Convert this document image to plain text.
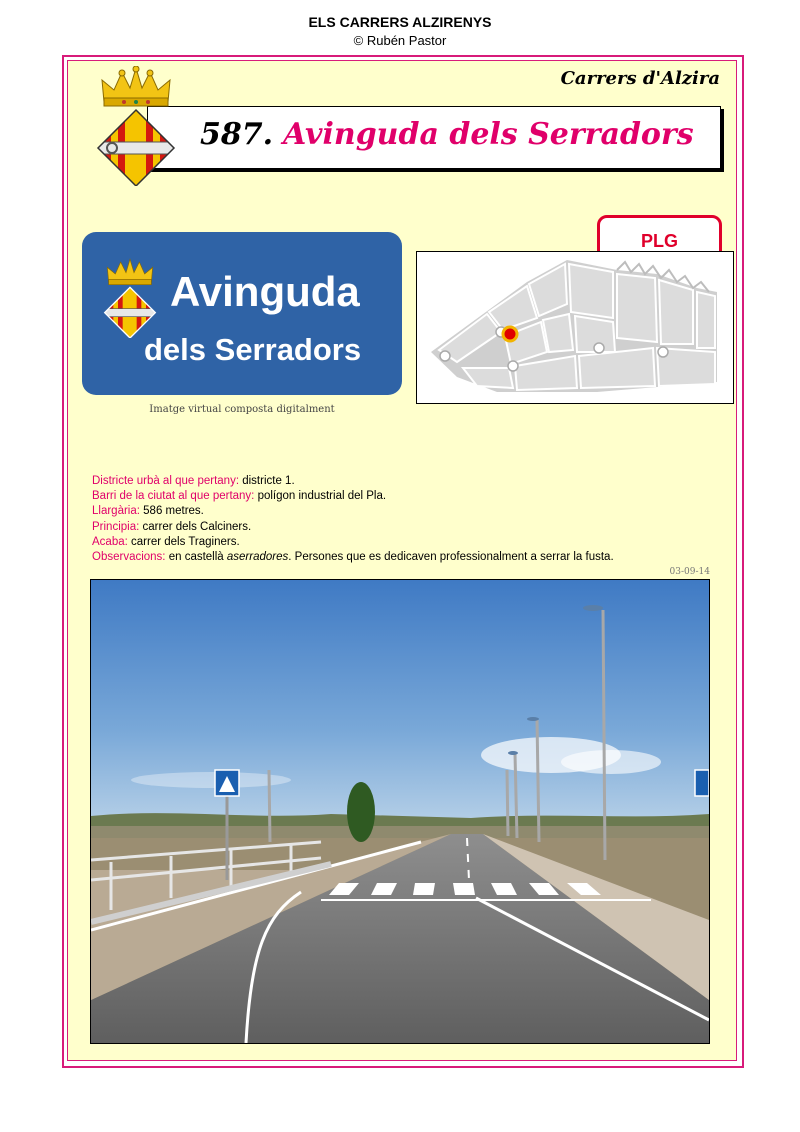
ELS CARRERS ALZIRENYS
© Rubén Pastor
Carrers d'Alzira
587. Avinguda dels Serradors
Avinguda
dels Serradors
Imatge virtual composta digitalment
PLG
Districte urbà al que pertany: districte 1.
Barri de la ciutat al que pertany: polígon industrial del Pla.
Llargària: 586 metres.
Principia: carrer dels Calciners.
Acaba: carrer dels Traginers.
Observacions: en castellà aserradores. Persones que es dedicaven professionalment a serrar la fusta.
03-09-14
